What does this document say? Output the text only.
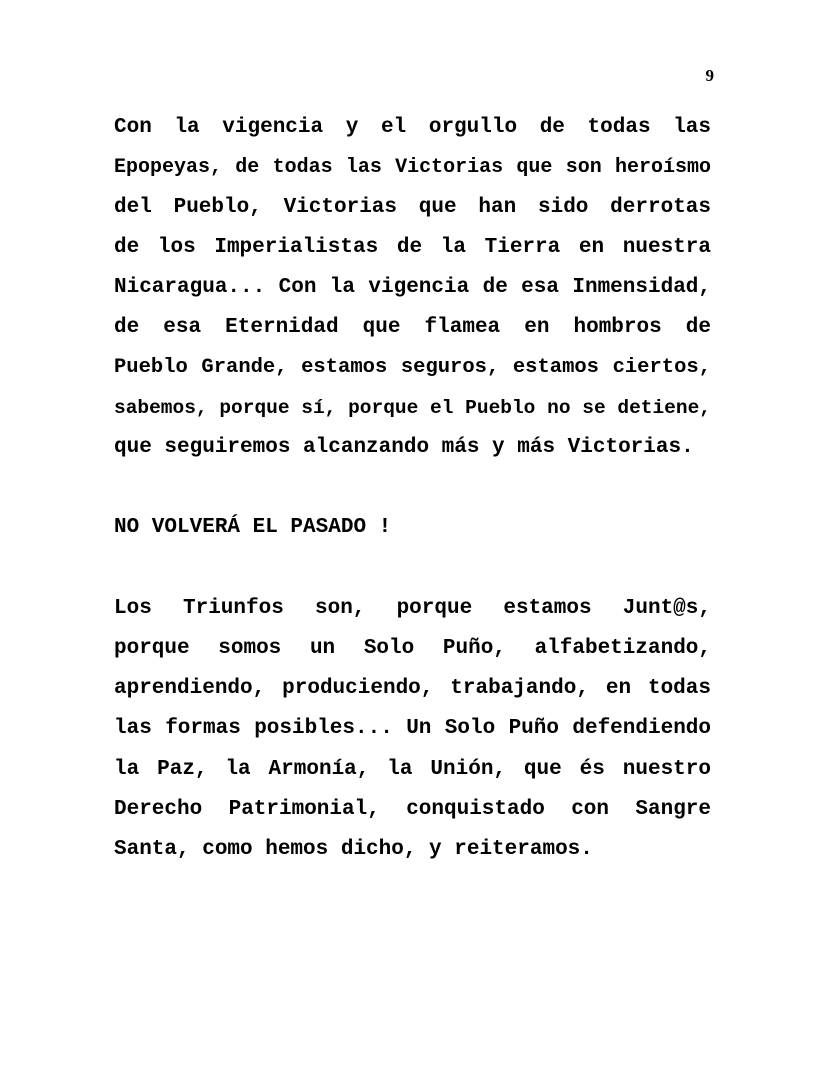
9

Con la vigencia y el orgullo de todas las

Epopeyas, de todas las Victorias que son heroísmo

del Pueblo, Victorias que han sido derrotas

de los Imperialistas de la Tierra en nuestra

Nicaragua... Con la vigencia de esa Inmensidad,

de esa Eternidad que flamea en hombros de

Pueblo Grande, estamos seguros, estamos ciertos,

sabemos, porque sí, porque el Pueblo no se detiene,

que seguiremos alcanzando más y más Victorias.

NO VOLVERÁ EL PASADO !

Los Triunfos son, porque estamos Junt@s,

porque somos un Solo Puño, alfabetizando,

aprendiendo, produciendo, trabajando, en todas

las formas posibles... Un Solo Puño defendiendo

la Paz, la Armonía, la Unión, que és nuestro

Derecho Patrimonial, conquistado con Sangre

Santa, como hemos dicho, y reiteramos.
